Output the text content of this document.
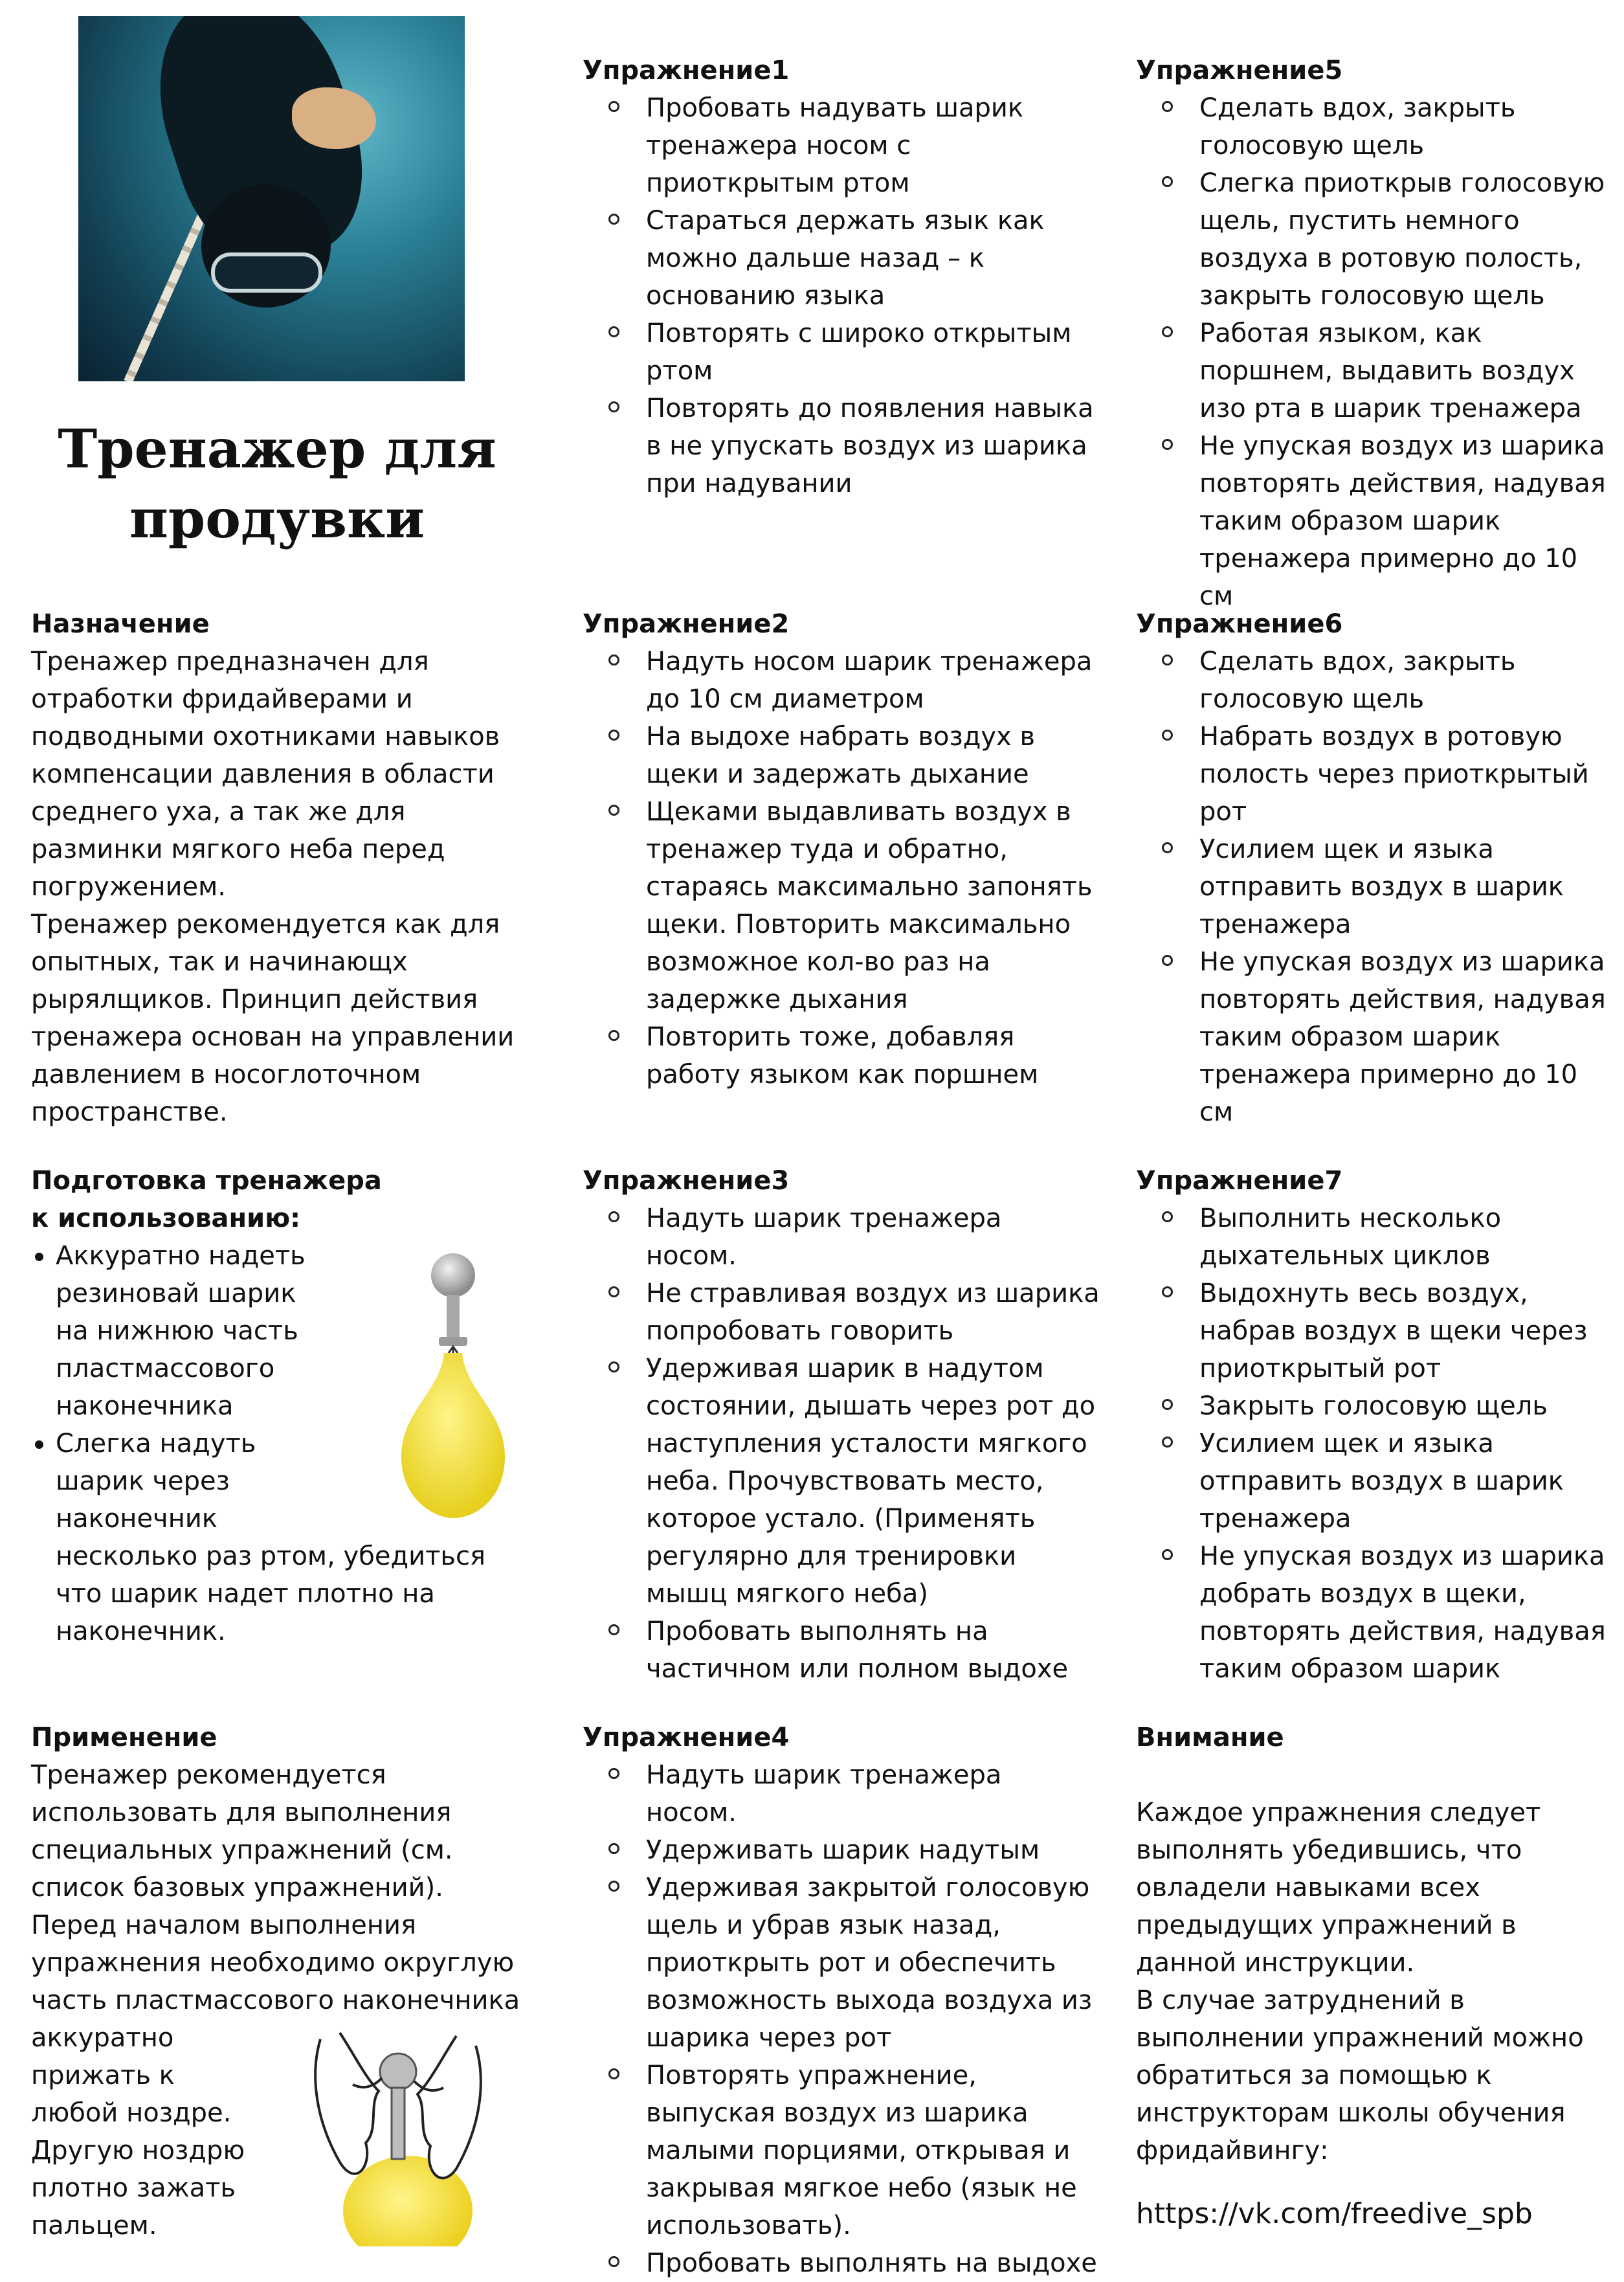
Тренажер для продувки
Назначение

Тренажер предназначен для отработки фридайверами и подводными охотниками навыков компенсации давления в области среднего уха, а так же для разминки мягкого неба перед погружением.

Тренажер рекомендуется как для опытных, так и начинающх рырялщиков. Принцип действия тренажера основан на управлении давлением в носоглоточном пространстве.

Подготовка тренажера к использованию:
Аккуратно надеть резиновай шарик на нижнюю часть пластмассового наконечника
Слегка надуть шарик через наконечник
несколько раз ртом, убедиться что шарик надет плотно на наконечник.
Применение

Тренажер рекомендуется использовать для выполнения специальных упражнений (см. список базовых упражнений).

Перед началом выполнения упражнения необходимо округлую часть пластмассового наконечника

аккуратно прижать к любой ноздре. Другую ноздрю плотно зажать пальцем.

Упражнение1
Пробовать надувать шарик тренажера носом с приоткрытым ртом
Стараться держать язык как можно дальше назад – к основанию языка
Повторять с широко открытым ртом
Повторять до появления навыка в не упускать воздух из шарика при надувании
Упражнение2
Надуть носом шарик тренажера до 10 см диаметром
На выдохе набрать воздух в щеки и задержать дыхание
Щеками выдавливать воздух в тренажер туда и обратно, стараясь максимально запонять щеки. Повторить максимально возможное кол-во раз на задержке дыхания
Повторить тоже, добавляя работу языком как поршнем
Упражнение3
Надуть шарик тренажера носом.
Не стравливая воздух из шарика попробовать говорить
Удерживая шарик в надутом состоянии, дышать через рот до наступления усталости мягкого неба. Прочувствовать место, которое устало. (Применять регулярно для тренировки мышц мягкого неба)
Пробовать выполнять на частичном или полном выдохе
Упражнение4
Надуть шарик тренажера носом.
Удерживать шарик надутым
Удерживая закрытой голосовую щель и убрав язык назад, приоткрыть рот и обеспечить возможность выхода воздуха из шарика через рот
Повторять упражнение, выпуская воздух из шарика малыми порциями, открывая и закрывая мягкое небо (язык не использовать).
Пробовать выполнять на выдохе
Упражнение5
Сделать вдох, закрыть голосовую щель
Слегка приоткрыв голосовую щель, пустить немного воздуха в ротовую полость, закрыть голосовую щель
Работая языком, как поршнем, выдавить воздух изо рта в шарик тренажера
Не упуская воздух из шарика повторять действия, надувая таким образом шарик тренажера примерно до 10 см
Упражнение6
Сделать вдох, закрыть голосовую щель
Набрать воздух в ротовую полость через приоткрытый рот
Усилием щек и языка отправить воздух в шарик тренажера
Не упуская воздух из шарика повторять действия, надувая таким образом шарик тренажера примерно до 10 см
Упражнение7
Выполнить несколько дыхательных циклов
Выдохнуть весь воздух, набрав воздух в щеки через приоткрытый рот
Закрыть голосовую щель
Усилием щек и языка отправить воздух в шарик тренажера
Не упуская воздух из шарика добрать воздух в щеки, повторять действия, надувая таким образом шарик
Внимание

Каждое упражнения следует выполнять убедившись, что овладели навыками всех предыдущих упражнений в данной инструкции.

В случае затруднений в выполнении упражнений можно обратиться за помощью к инструкторам школы обучения фридайвингу:

https://vk.com/freedive_spb
